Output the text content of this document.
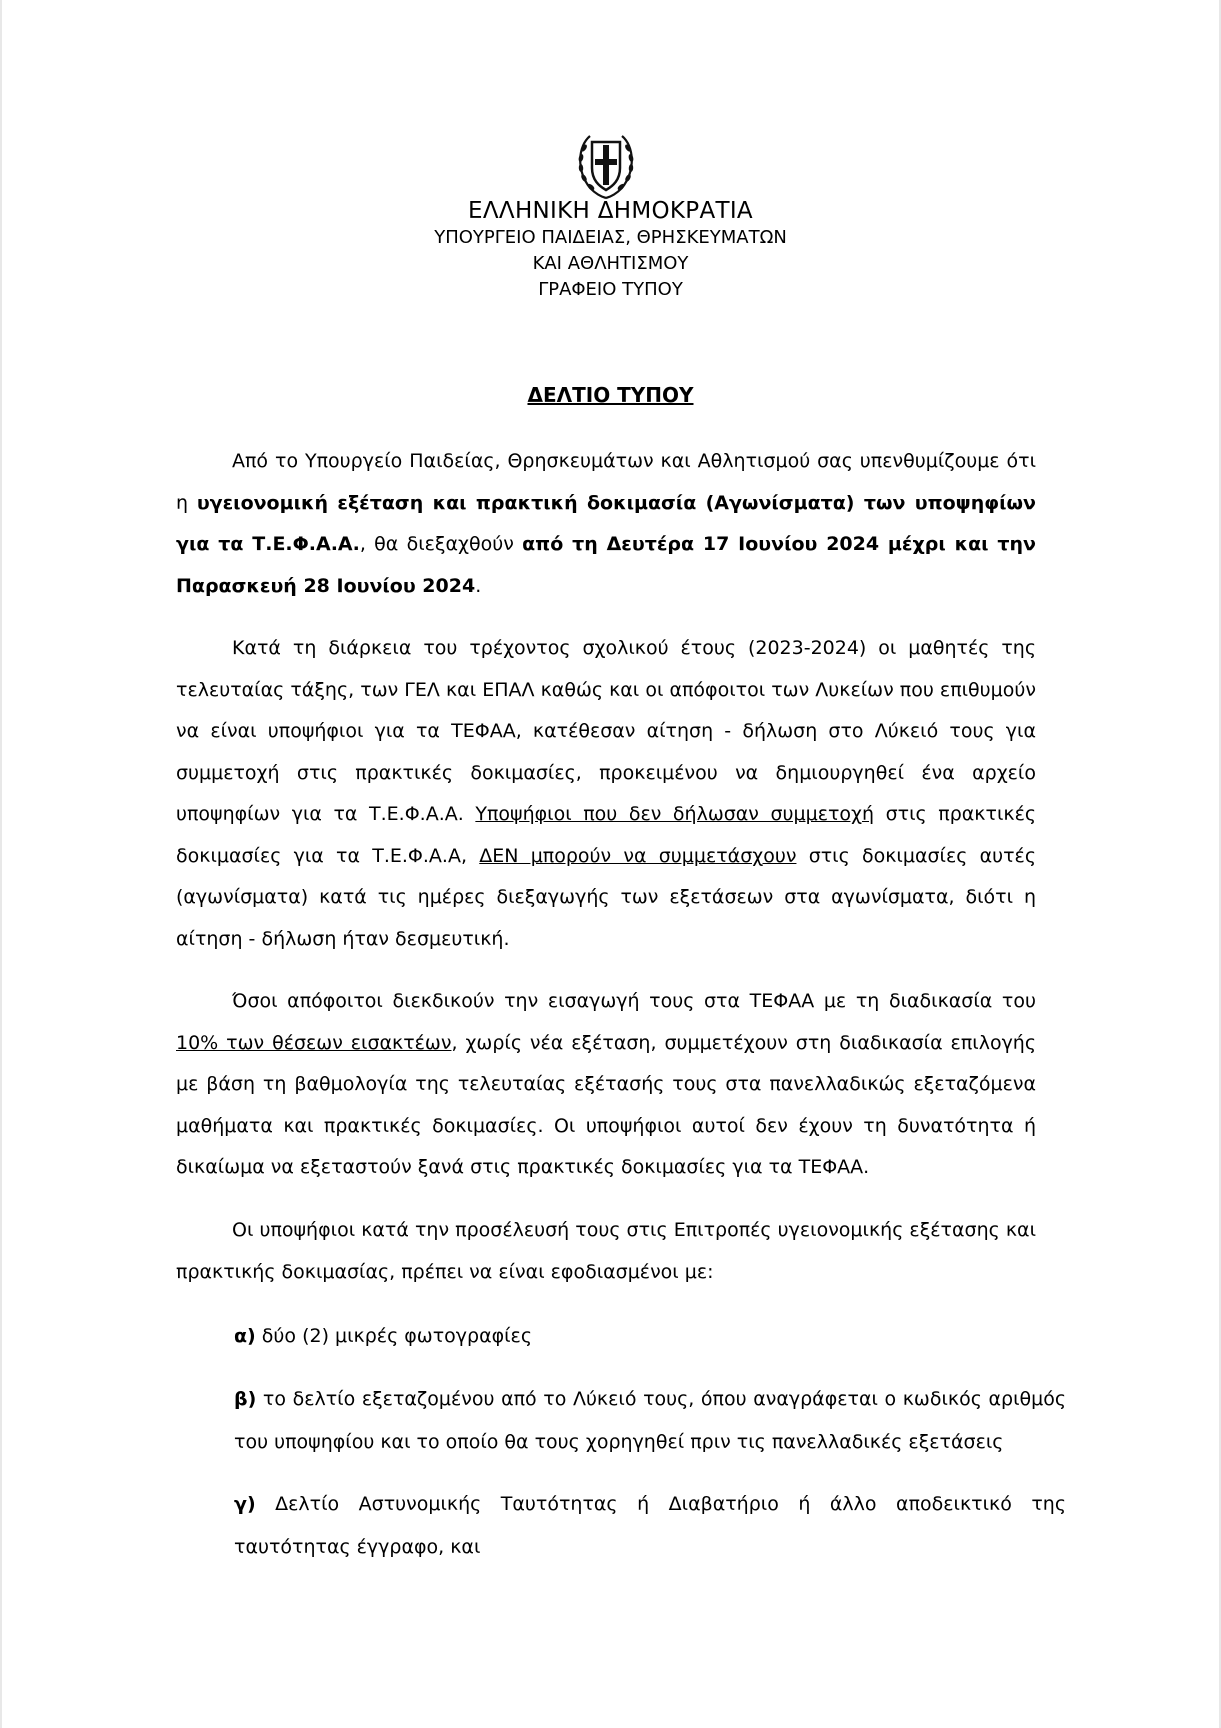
ΕΛΛΗΝΙΚΗ ΔΗΜΟΚΡΑΤΙΑ
ΥΠΟΥΡΓΕΙΟ ΠΑΙΔΕΙΑΣ, ΘΡΗΣΚΕΥΜΑΤΩΝ
ΚΑΙ ΑΘΛΗΤΙΣΜΟΥ
ΓΡΑΦΕΙΟ ΤΥΠΟΥ
ΔΕΛΤΙΟ ΤΥΠΟΥ
Από το Υπουργείο Παιδείας, Θρησκευμάτων και Αθλητισμού σας υπενθυμίζουμε ότι η υγειονομική εξέταση και πρακτική δοκιμασία (Αγωνίσματα) των υποψηφίων για τα Τ.Ε.Φ.Α.Α., θα διεξαχθούν από τη Δευτέρα 17 Ιουνίου 2024 μέχρι και την Παρασκευή 28 Ιουνίου 2024.
Κατά τη διάρκεια του τρέχοντος σχολικού έτους (2023-2024) οι μαθητές της τελευταίας τάξης, των ΓΕΛ και ΕΠΑΛ καθώς και οι απόφοιτοι των Λυκείων που επιθυμούν να είναι υποψήφιοι για τα ΤΕΦΑΑ, κατέθεσαν αίτηση - δήλωση στο Λύκειό τους για συμμετοχή στις πρακτικές δοκιμασίες, προκειμένου να δημιουργηθεί ένα αρχείο υποψηφίων για τα Τ.Ε.Φ.Α.Α. Υποψήφιοι που δεν δήλωσαν συμμετοχή στις πρακτικές δοκιμασίες για τα Τ.Ε.Φ.Α.Α, ΔΕΝ μπορούν να συμμετάσχουν στις δοκιμασίες αυτές (αγωνίσματα) κατά τις ημέρες διεξαγωγής των εξετάσεων στα αγωνίσματα, διότι η αίτηση - δήλωση ήταν δεσμευτική.
Όσοι απόφοιτοι διεκδικούν την εισαγωγή τους στα ΤΕΦΑΑ με τη διαδικασία του 10% των θέσεων εισακτέων, χωρίς νέα εξέταση, συμμετέχουν στη διαδικασία επιλογής με βάση τη βαθμολογία της τελευταίας εξέτασής τους στα πανελλαδικώς εξεταζόμενα μαθήματα και πρακτικές δοκιμασίες. Οι υποψήφιοι αυτοί δεν έχουν τη δυνατότητα ή δικαίωμα να εξεταστούν ξανά στις πρακτικές δοκιμασίες για τα ΤΕΦΑΑ.
Οι υποψήφιοι κατά την προσέλευσή τους στις Επιτροπές υγειονομικής εξέτασης και πρακτικής δοκιμασίας, πρέπει να είναι εφοδιασμένοι με:
α) δύο (2) μικρές φωτογραφίες
β) το δελτίο εξεταζομένου από το Λύκειό τους, όπου αναγράφεται ο κωδικός αριθμός του υποψηφίου και το οποίο θα τους χορηγηθεί πριν τις πανελλαδικές εξετάσεις
γ) Δελτίο Αστυνομικής Ταυτότητας ή Διαβατήριο ή άλλο αποδεικτικό της ταυτότητας έγγραφο, και
